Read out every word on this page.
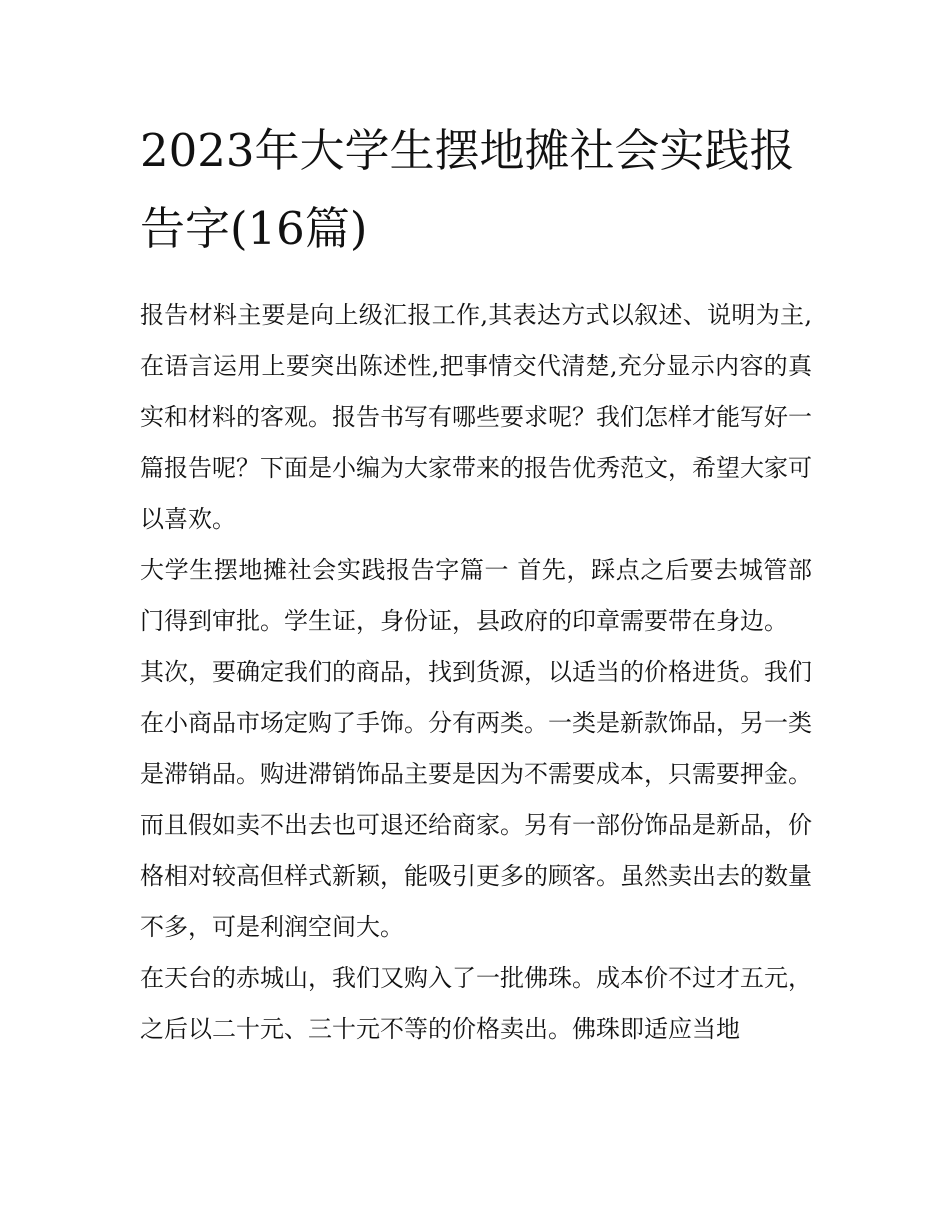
2023年大学生摆地摊社会实践报告字(16篇)

报告材料主要是向上级汇报工作,其表达方式以叙述、说明为主,在语言运用上要突出陈述性,把事情交代清楚,充分显示内容的真实和材料的客观。报告书写有哪些要求呢？我们怎样才能写好一篇报告呢？下面是小编为大家带来的报告优秀范文，希望大家可以喜欢。

大学生摆地摊社会实践报告字篇一 首先，踩点之后要去城管部门得到审批。学生证，身份证，县政府的印章需要带在身边。

其次，要确定我们的商品，找到货源，以适当的价格进货。我们在小商品市场定购了手饰。分有两类。一类是新款饰品，另一类是滞销品。购进滞销饰品主要是因为不需要成本，只需要押金。而且假如卖不出去也可退还给商家。另有一部份饰品是新品，价格相对较高但样式新颖，能吸引更多的顾客。虽然卖出去的数量不多，可是利润空间大。

在天台的赤城山，我们又购入了一批佛珠。成本价不过才五元，之后以二十元、三十元不等的价格卖出。佛珠即适应当地
